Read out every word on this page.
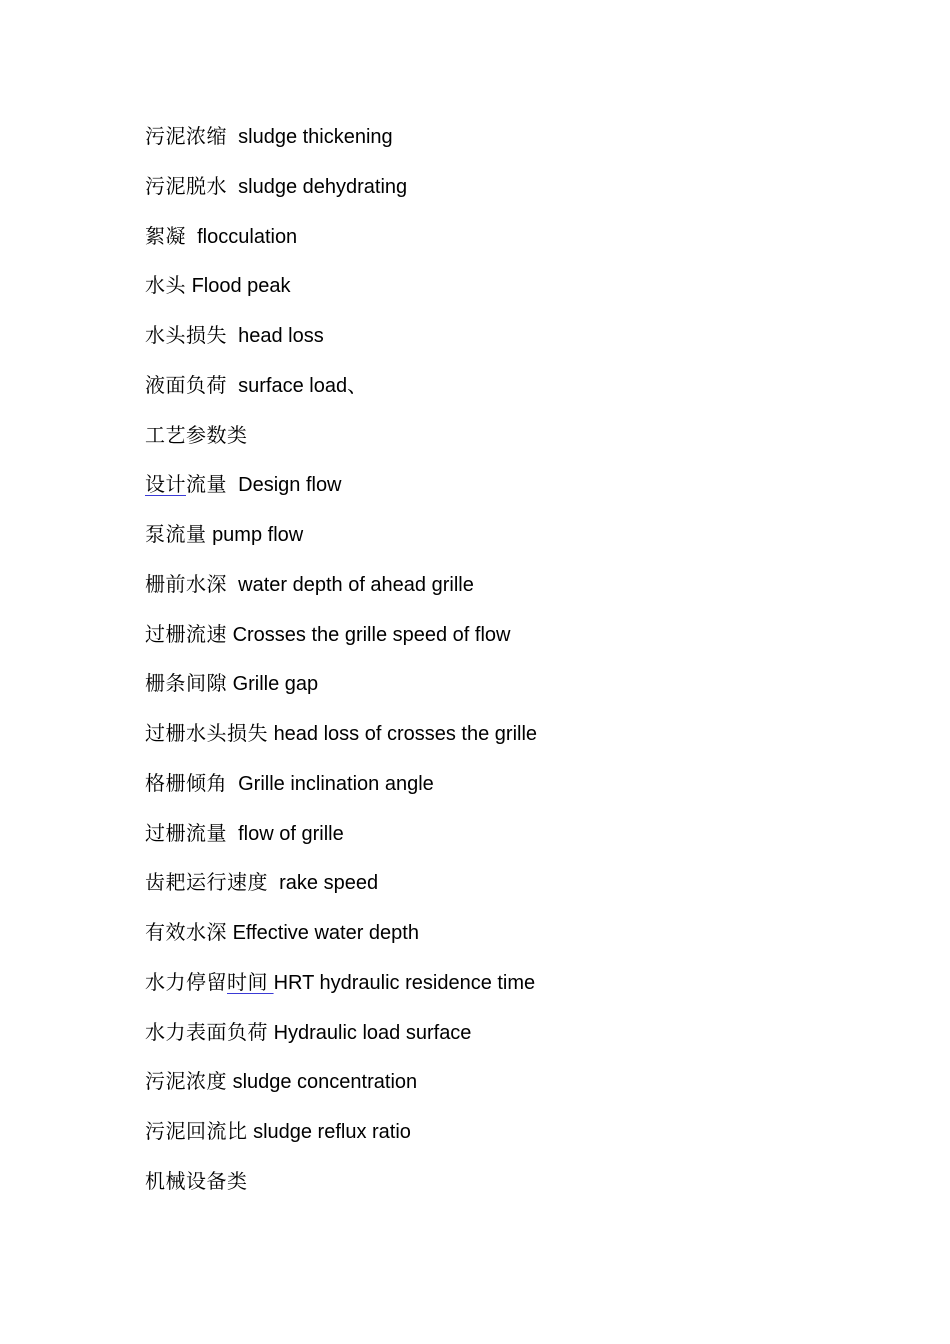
污泥浓缩 sludge thickening
污泥脱水 sludge dehydrating
絮凝 flocculation
水头 Flood peak
水头损失 head loss
液面负荷 surface load、
工艺参数类
设计流量 Design flow
泵流量 pump flow
栅前水深 water depth of ahead grille
过栅流速 Crosses the grille speed of flow
栅条间隙 Grille gap
过栅水头损失 head loss of crosses the grille
格栅倾角 Grille inclination angle
过栅流量 flow of grille
齿耙运行速度 rake speed
有效水深 Effective water depth
水力停留时间 HRT hydraulic residence time
水力表面负荷 Hydraulic load surface
污泥浓度 sludge concentration
污泥回流比 sludge reflux ratio
机械设备类
